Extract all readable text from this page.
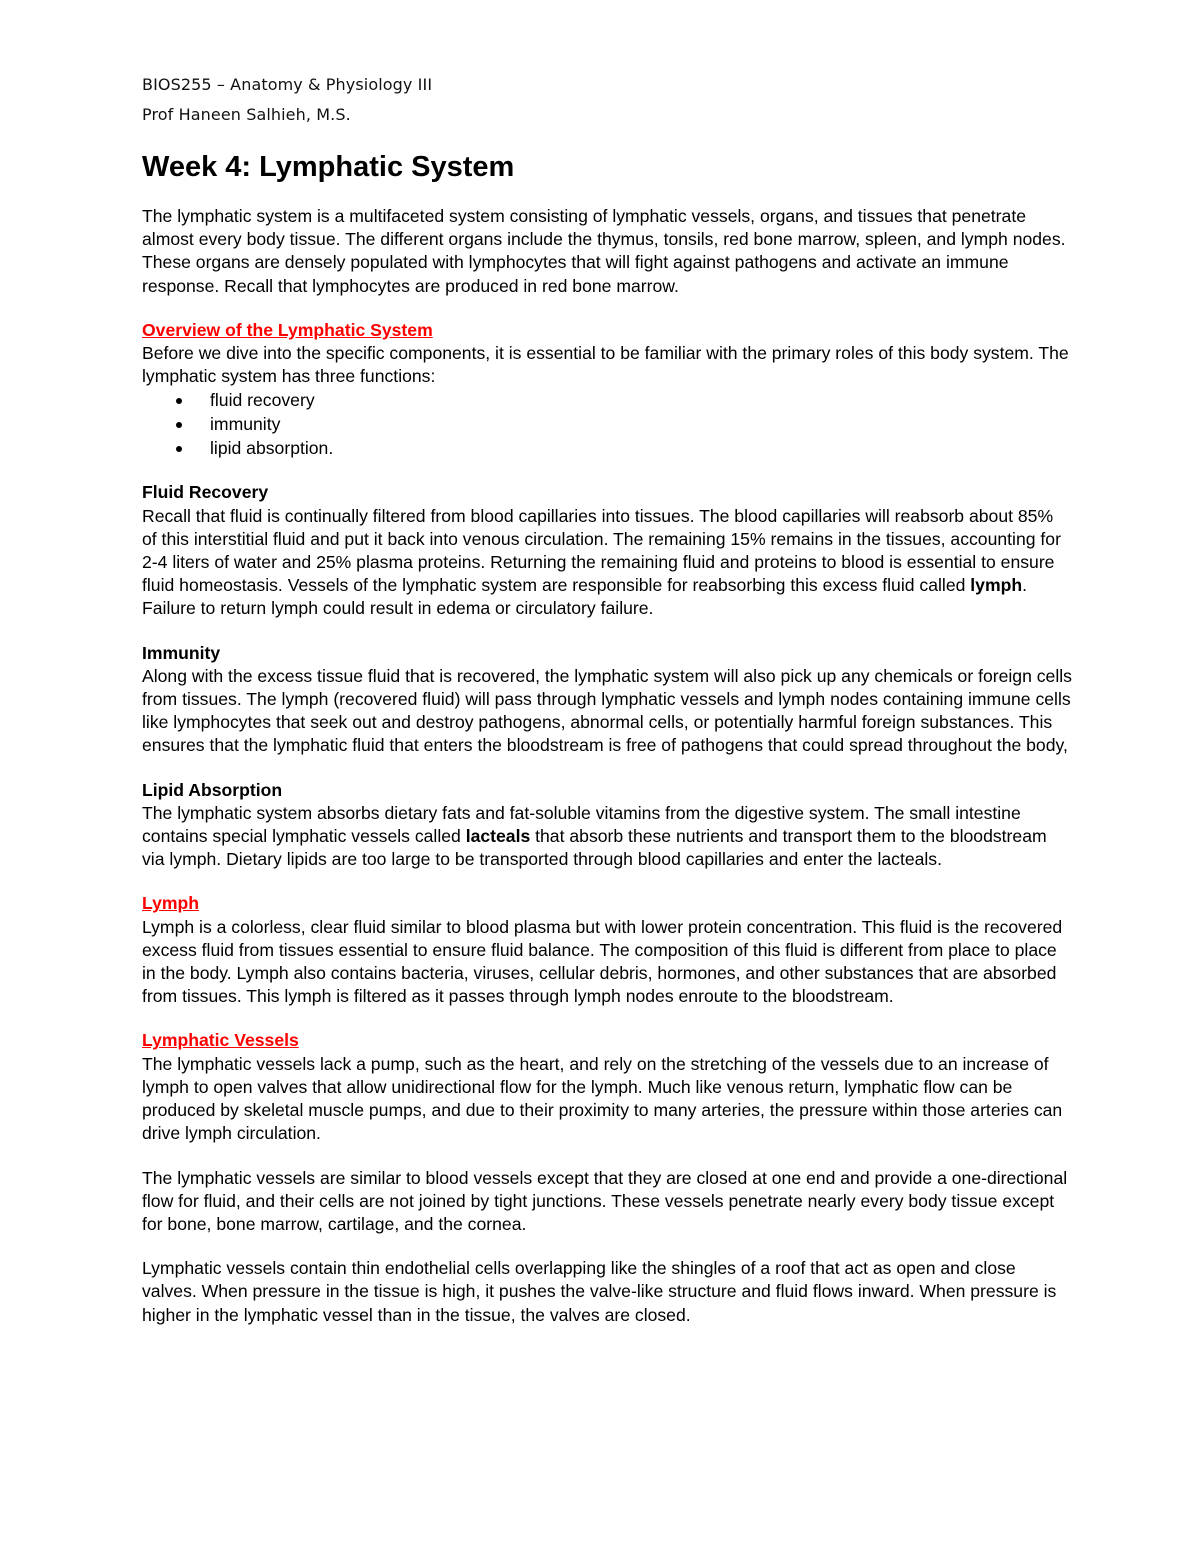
BIOS255 – Anatomy & Physiology III
Prof Haneen Salhieh, M.S.
Week 4: Lymphatic System

The lymphatic system is a multifaceted system consisting of lymphatic vessels, organs, and tissues that penetrate almost every body tissue. The different organs include the thymus, tonsils, red bone marrow, spleen, and lymph nodes. These organs are densely populated with lymphocytes that will fight against pathogens and activate an immune response. Recall that lymphocytes are produced in red bone marrow.

Overview of the Lymphatic System

Before we dive into the specific components, it is essential to be familiar with the primary roles of this body system. The lymphatic system has three functions:

fluid recovery
immunity
lipid absorption.
Fluid Recovery

Recall that fluid is continually filtered from blood capillaries into tissues. The blood capillaries will reabsorb about 85% of this interstitial fluid and put it back into venous circulation. The remaining 15% remains in the tissues, accounting for 2-4 liters of water and 25% plasma proteins. Returning the remaining fluid and proteins to blood is essential to ensure fluid homeostasis. Vessels of the lymphatic system are responsible for reabsorbing this excess fluid called lymph. Failure to return lymph could result in edema or circulatory failure.

Immunity

Along with the excess tissue fluid that is recovered, the lymphatic system will also pick up any chemicals or foreign cells from tissues. The lymph (recovered fluid) will pass through lymphatic vessels and lymph nodes containing immune cells like lymphocytes that seek out and destroy pathogens, abnormal cells, or potentially harmful foreign substances. This ensures that the lymphatic fluid that enters the bloodstream is free of pathogens that could spread throughout the body,

Lipid Absorption

The lymphatic system absorbs dietary fats and fat-soluble vitamins from the digestive system. The small intestine contains special lymphatic vessels called lacteals that absorb these nutrients and transport them to the bloodstream via lymph. Dietary lipids are too large to be transported through blood capillaries and enter the lacteals.

Lymph

Lymph is a colorless, clear fluid similar to blood plasma but with lower protein concentration. This fluid is the recovered excess fluid from tissues essential to ensure fluid balance. The composition of this fluid is different from place to place in the body. Lymph also contains bacteria, viruses, cellular debris, hormones, and other substances that are absorbed from tissues. This lymph is filtered as it passes through lymph nodes enroute to the bloodstream.

Lymphatic Vessels

The lymphatic vessels lack a pump, such as the heart, and rely on the stretching of the vessels due to an increase of lymph to open valves that allow unidirectional flow for the lymph. Much like venous return, lymphatic flow can be produced by skeletal muscle pumps, and due to their proximity to many arteries, the pressure within those arteries can drive lymph circulation.

The lymphatic vessels are similar to blood vessels except that they are closed at one end and provide a one-directional flow for fluid, and their cells are not joined by tight junctions. These vessels penetrate nearly every body tissue except for bone, bone marrow, cartilage, and the cornea.

Lymphatic vessels contain thin endothelial cells overlapping like the shingles of a roof that act as open and close valves. When pressure in the tissue is high, it pushes the valve-like structure and fluid flows inward. When pressure is higher in the lymphatic vessel than in the tissue, the valves are closed.
